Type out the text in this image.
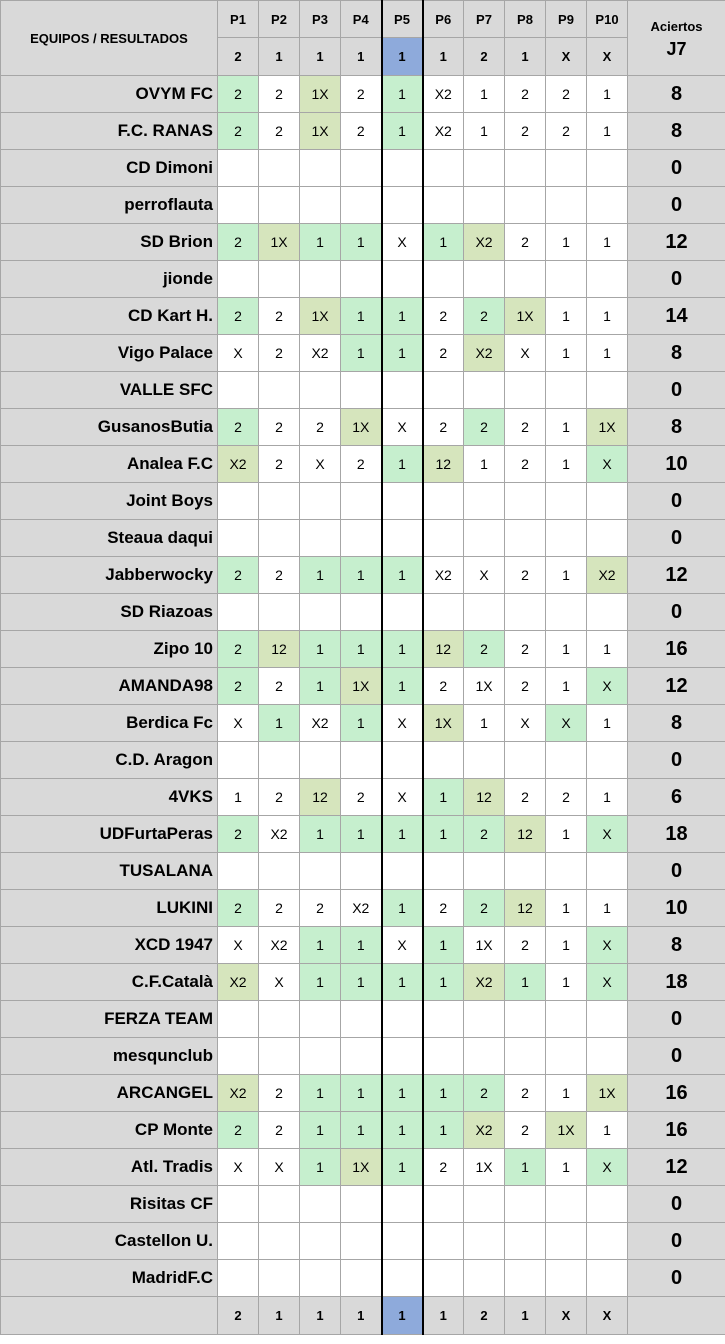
EQUIPOS / RESULTADOS	P1	P2	P3	P4	P5	P6	P7	P8	P9	P10	Aciertos
J7

	2	1	1	1	1	1	2	1	X	X	
OVYM FC	2	2	1X	2	1	X2	1	2	2	1	8
F.C. RANAS	2	2	1X	2	1	X2	1	2	2	1	8
CD Dimoni											0
perroflauta											0
SD Brion	2	1X	1	1	X	1	X2	2	1	1	12
jionde											0
CD Kart H.	2	2	1X	1	1	2	2	1X	1	1	14
Vigo Palace	X	2	X2	1	1	2	X2	X	1	1	8
VALLE SFC											0
GusanosButia	2	2	2	1X	X	2	2	2	1	1X	8
Analea F.C	X2	2	X	2	1	12	1	2	1	X	10
Joint Boys											0
Steaua daqui											0
Jabberwocky	2	2	1	1	1	X2	X	2	1	X2	12
SD Riazoas											0
Zipo 10	2	12	1	1	1	12	2	2	1	1	16
AMANDA98	2	2	1	1X	1	2	1X	2	1	X	12
Berdica Fc	X	1	X2	1	X	1X	1	X	X	1	8
C.D. Aragon											0
4VKS	1	2	12	2	X	1	12	2	2	1	6
UDFurtaPeras	2	X2	1	1	1	1	2	12	1	X	18
TUSALANA											0
LUKINI	2	2	2	X2	1	2	2	12	1	1	10
XCD 1947	X	X2	1	1	X	1	1X	2	1	X	8
C.F.Català	X2	X	1	1	1	1	X2	1	1	X	18
FERZA TEAM											0
mesqunclub											0
ARCANGEL	X2	2	1	1	1	1	2	2	1	1X	16
CP Monte	2	2	1	1	1	1	X2	2	1X	1	16
Atl. Tradis	X	X	1	1X	1	2	1X	1	1	X	12
Risitas CF											0
Castellon U.											0
MadridF.C											0
	2	1	1	1	1	1	2	1	X	X	
